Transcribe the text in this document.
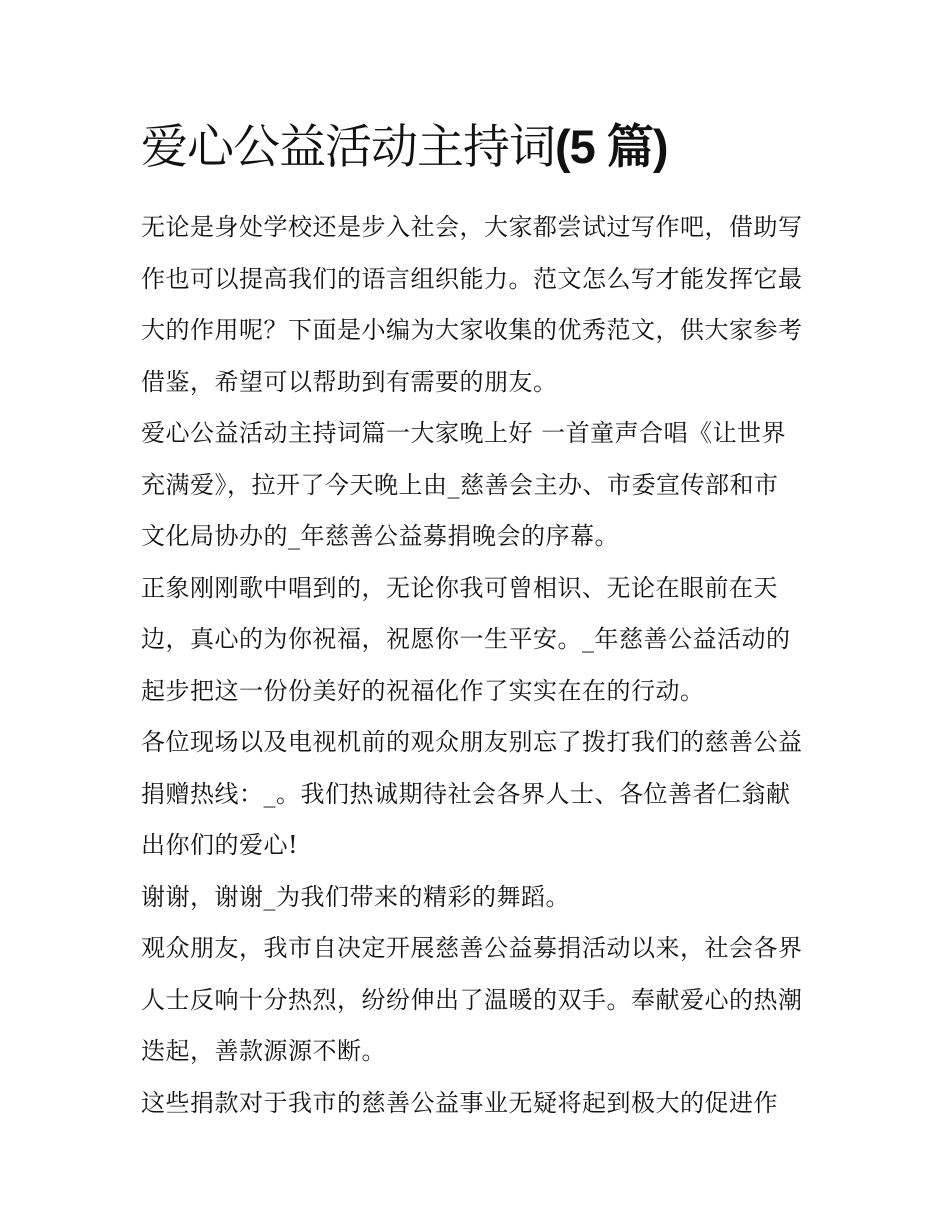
爱心公益活动主持词(5 篇)

无论是身处学校还是步入社会，大家都尝试过写作吧，借助写
作也可以提高我们的语言组织能力。范文怎么写才能发挥它最
大的作用呢？下面是小编为大家收集的优秀范文，供大家参考
借鉴，希望可以帮助到有需要的朋友。

爱心公益活动主持词篇一大家晚上好 一首童声合唱《让世界
充满爱》，拉开了今天晚上由_慈善会主办、市委宣传部和市
文化局协办的_年慈善公益募捐晚会的序幕。

正象刚刚歌中唱到的，无论你我可曾相识、无论在眼前在天
边，真心的为你祝福，祝愿你一生平安。_年慈善公益活动的
起步把这一份份美好的祝福化作了实实在在的行动。

各位现场以及电视机前的观众朋友别忘了拨打我们的慈善公益
捐赠热线：_。我们热诚期待社会各界人士、各位善者仁翁献
出你们的爱心!

谢谢，谢谢_为我们带来的精彩的舞蹈。

观众朋友，我市自决定开展慈善公益募捐活动以来，社会各界
人士反响十分热烈，纷纷伸出了温暖的双手。奉献爱心的热潮
迭起，善款源源不断。

这些捐款对于我市的慈善公益事业无疑将起到极大的促进作
